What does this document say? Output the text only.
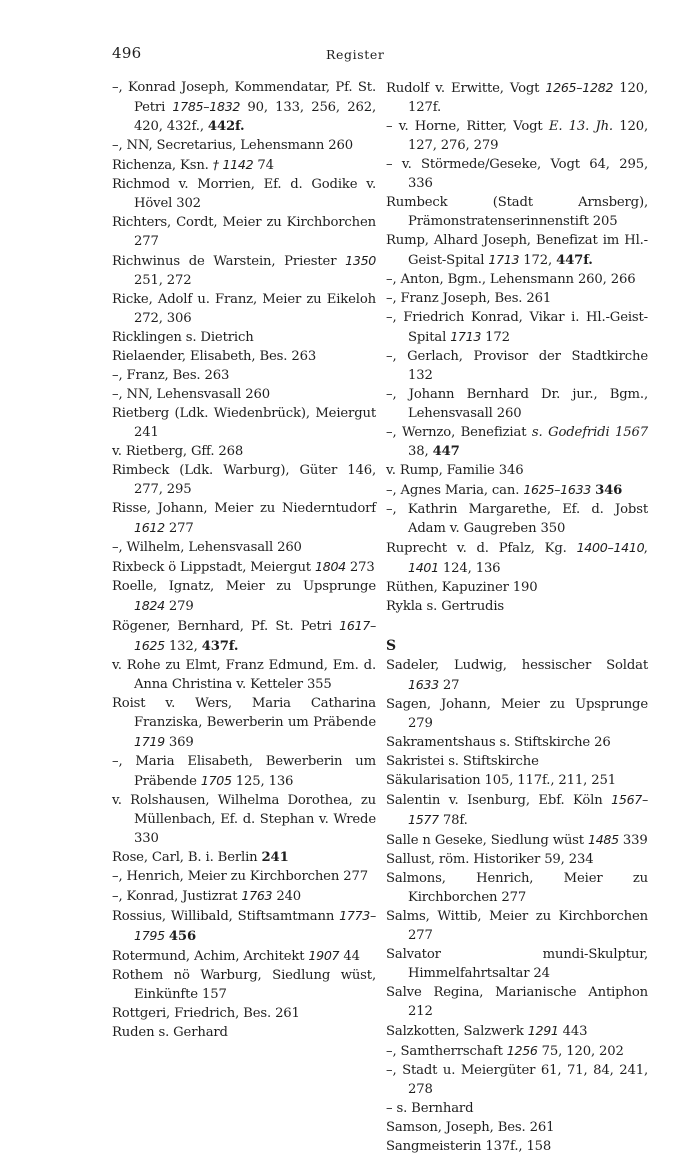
496	Register
–, Konrad Joseph, Kommendatar, Pf. St. Petri 1785–1832 90, 133, 256, 262, 420, 432f., 442f.
–, NN, Secretarius, Lehensmann 260
Richenza, Ksn. † 1142 74
Richmod v. Morrien, Ef. d. Godike v. Hövel 302
Richters, Cordt, Meier zu Kirchborchen 277
Richwinus de Warstein, Priester 1350 251, 272
Ricke, Adolf u. Franz, Meier zu Eikeloh 272, 306
Ricklingen s. Dietrich
Rielaender, Elisabeth, Bes. 263
–, Franz, Bes. 263
–, NN, Lehensvasall 260
Rietberg (Ldk. Wiedenbrück), Meiergut 241
v. Rietberg, Gff. 268
Rimbeck (Ldk. Warburg), Güter 146, 277, 295
Risse, Johann, Meier zu Niederntudorf 1612 277
–, Wilhelm, Lehensvasall 260
Rixbeck ö Lippstadt, Meiergut 1804 273
Roelle, Ignatz, Meier zu Upsprunge 1824 279
Rögener, Bernhard, Pf. St. Petri 1617–1625 132, 437f.
v. Rohe zu Elmt, Franz Edmund, Em. d. Anna Christina v. Ketteler 355
Roist v. Wers, Maria Catharina Franziska, Bewerberin um Präbende 1719 369
–, Maria Elisabeth, Bewerberin um Präbende 1705 125, 136
v. Rolshausen, Wilhelma Dorothea, zu Müllenbach, Ef. d. Stephan v. Wrede 330
Rose, Carl, B. i. Berlin 241
–, Henrich, Meier zu Kirchborchen 277
–, Konrad, Justizrat 1763 240
Rossius, Willibald, Stiftsamtmann 1773–1795 456
Rotermund, Achim, Architekt 1907 44
Rothem nö Warburg, Siedlung wüst, Einkünfte 157
Rottgeri, Friedrich, Bes. 261
Ruden s. Gerhard
Rudolf v. Erwitte, Vogt 1265–1282 120, 127f.
– v. Horne, Ritter, Vogt E. 13. Jh. 120, 127, 276, 279
– v. Störmede/Geseke, Vogt 64, 295, 336
Rumbeck (Stadt Arnsberg), Prämonstratenserinnenstift 205
Rump, Alhard Joseph, Benefizat im Hl.-Geist-Spital 1713 172, 447f.
–, Anton, Bgm., Lehensmann 260, 266
–, Franz Joseph, Bes. 261
–, Friedrich Konrad, Vikar i. Hl.-Geist-Spital 1713 172
–, Gerlach, Provisor der Stadtkirche 132
–, Johann Bernhard Dr. jur., Bgm., Lehensvasall 260
–, Wernzo, Benefiziat s. Godefridi 1567 38, 447
v. Rump, Familie 346
–, Agnes Maria, can. 1625–1633 346
–, Kathrin Margarethe, Ef. d. Jobst Adam v. Gaugreben 350
Ruprecht v. d. Pfalz, Kg. 1400–1410, 1401 124, 136
Rüthen, Kapuziner 190
Rykla s. Gertrudis
S
Sadeler, Ludwig, hessischer Soldat 1633 27
Sagen, Johann, Meier zu Upsprunge 279
Sakramentshaus s. Stiftskirche 26
Sakristei s. Stiftskirche
Säkularisation 105, 117f., 211, 251
Salentin v. Isenburg, Ebf. Köln 1567–1577 78f.
Salle n Geseke, Siedlung wüst 1485 339
Sallust, röm. Historiker 59, 234
Salmons, Henrich, Meier zu Kirchborchen 277
Salms, Wittib, Meier zu Kirchborchen 277
Salvator mundi-Skulptur, Himmelfahrtsaltar 24
Salve Regina, Marianische Antiphon 212
Salzkotten, Salzwerk 1291 443
–, Samtherrschaft 1256 75, 120, 202
–, Stadt u. Meiergüter 61, 71, 84, 241, 278
– s. Bernhard
Samson, Joseph, Bes. 261
Sangmeisterin 137f., 158
